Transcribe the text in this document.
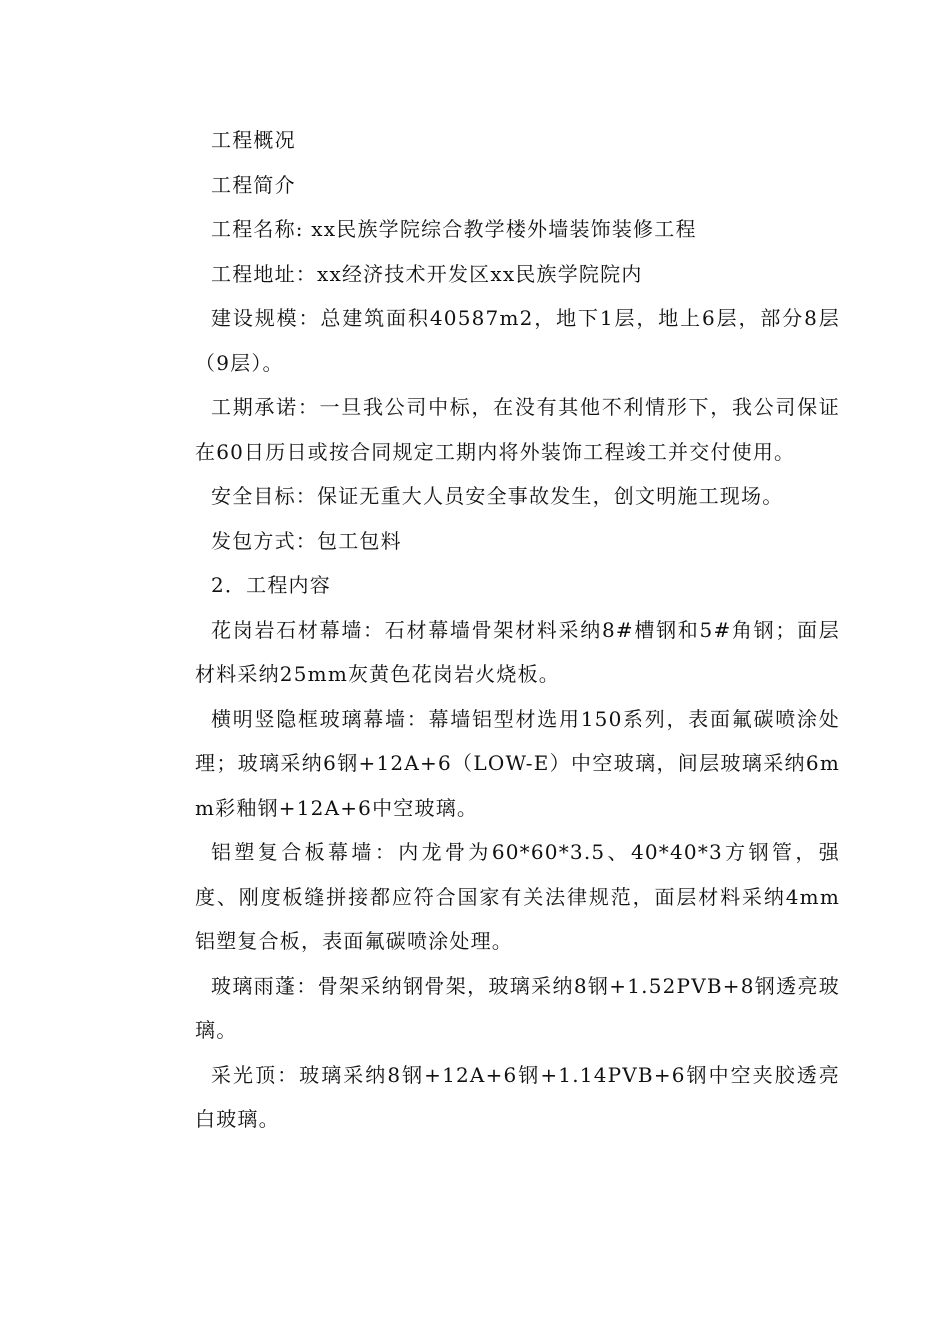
工程概况

工程简介

工程名称: xx民族学院综合教学楼外墙装饰装修工程

工程地址：xx经济技术开发区xx民族学院院内

建设规模：总建筑面积40587m2，地下1层，地上6层，部分8层（9层）。

工期承诺：一旦我公司中标，在没有其他不利情形下，我公司保证在60日历日或按合同规定工期内将外装饰工程竣工并交付使用。

安全目标：保证无重大人员安全事故发生，创文明施工现场。

发包方式：包工包料

2．工程内容

花岗岩石材幕墙：石材幕墙骨架材料采纳8#槽钢和5#角钢；面层材料采纳25mm灰黄色花岗岩火烧板。

横明竖隐框玻璃幕墙：幕墙铝型材选用150系列，表面氟碳喷涂处理；玻璃采纳6钢+12A+6（LOW-E）中空玻璃，间层玻璃采纳6mm彩釉钢+12A+6中空玻璃。

铝塑复合板幕墙：内龙骨为60*60*3.5、40*40*3方钢管，强度、刚度板缝拼接都应符合国家有关法律规范，面层材料采纳4mm铝塑复合板，表面氟碳喷涂处理。

玻璃雨蓬：骨架采纳钢骨架，玻璃采纳8钢+1.52PVB+8钢透亮玻璃。

采光顶：玻璃采纳8钢+12A+6钢+1.14PVB+6钢中空夹胶透亮白玻璃。
